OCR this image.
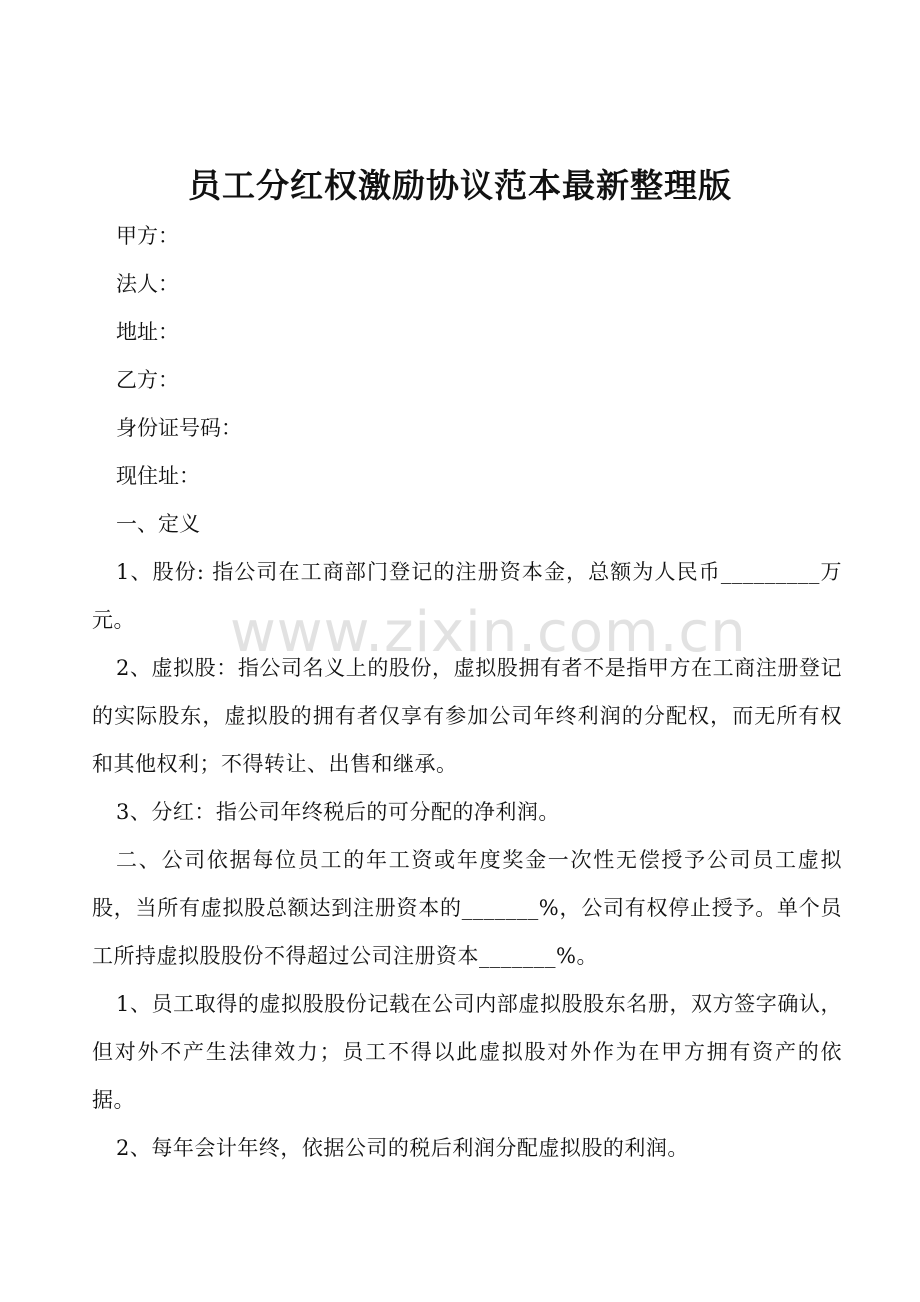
员工分红权激励协议范本最新整理版

甲方：

法人：

地址：

乙方：

身份证号码：

现住址：

一、定义

1、股份: 指公司在工商部门登记的注册资本金，总额为人民币_________万元。

2、虚拟股：指公司名义上的股份，虚拟股拥有者不是指甲方在工商注册登记的实际股东，虚拟股的拥有者仅享有参加公司年终利润的分配权，而无所有权和其他权利；不得转让、出售和继承。

3、分红：指公司年终税后的可分配的净利润。

二、公司依据每位员工的年工资或年度奖金一次性无偿授予公司员工虚拟股，当所有虚拟股总额达到注册资本的_______%，公司有权停止授予。单个员工所持虚拟股股份不得超过公司注册资本_______%。

1、员工取得的虚拟股股份记载在公司内部虚拟股股东名册，双方签字确认，但对外不产生法律效力；员工不得以此虚拟股对外作为在甲方拥有资产的依据。

2、每年会计年终，依据公司的税后利润分配虚拟股的利润。

www.zixin.com.cn
